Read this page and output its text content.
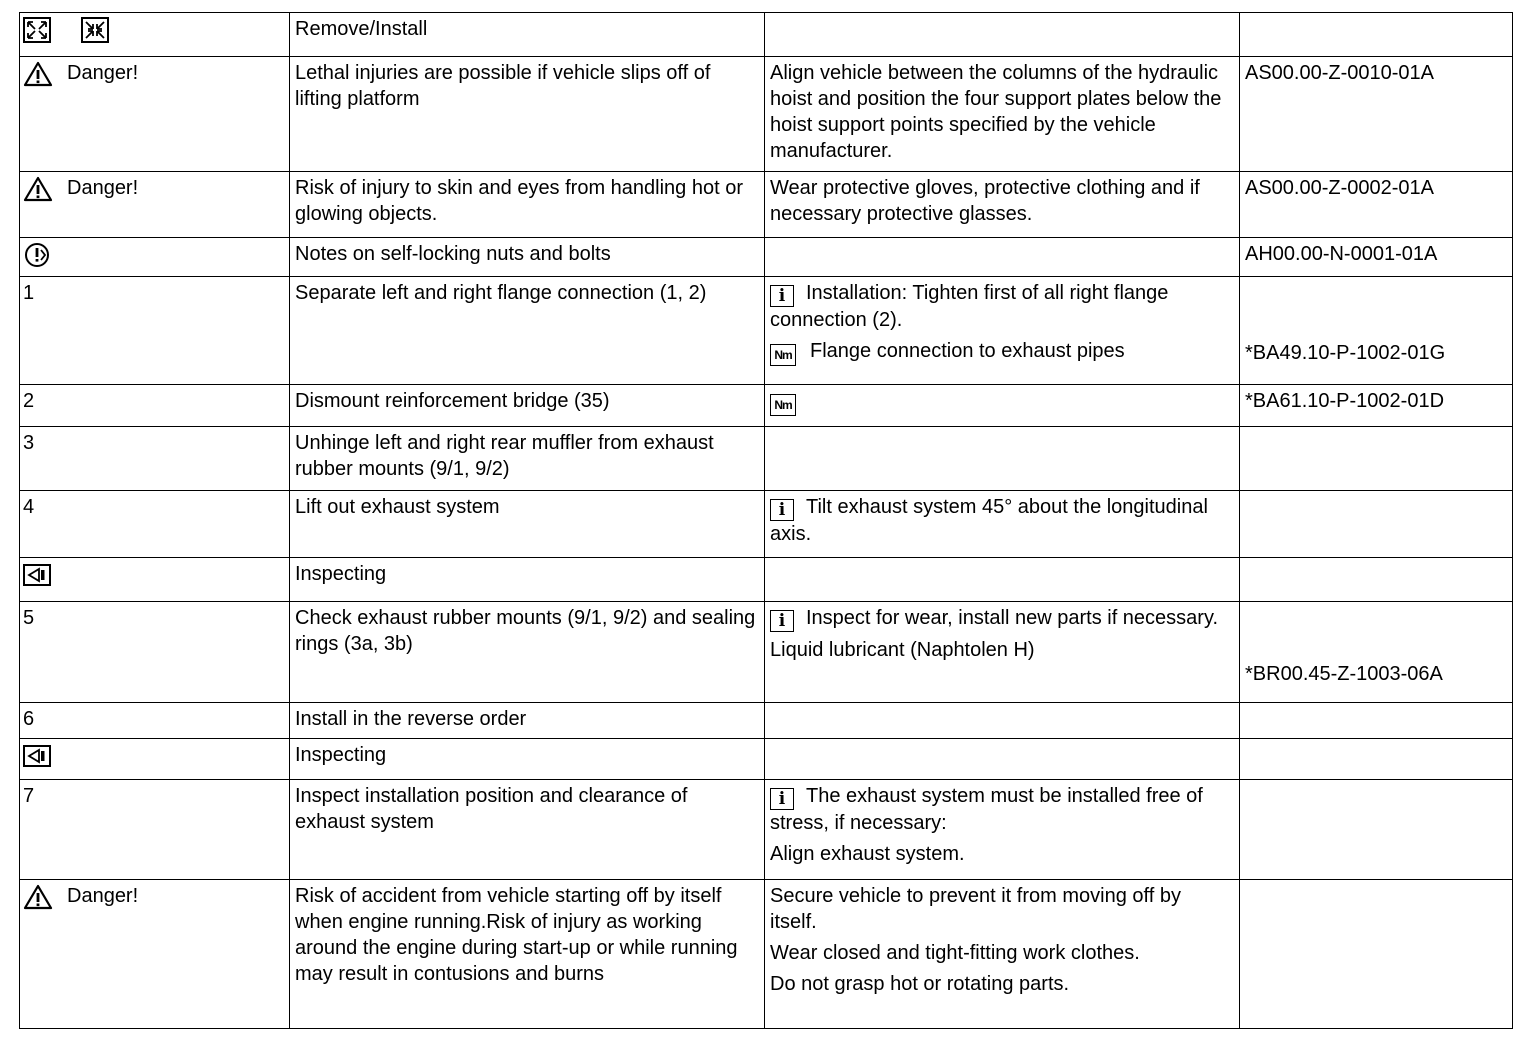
	Remove/Install		

Danger!	Lethal injuries are possible if vehicle slips off of lifting platform	Align vehicle between the columns of the hydraulic hoist and position the four support plates below the hoist support points specified by the vehicle manufacturer.	AS00.00-Z-0010-01A

Danger!	Risk of injury to skin and eyes from handling hot or glowing objects.	Wear protective gloves, protective clothing and if necessary protective glasses.	AS00.00-Z-0002-01A

	Notes on self-locking nuts and bolts		AH00.00-N-0001-01A
1	Separate left and right flange connection (1, 2)	i Installation: Tighten first of all right flange connection (2).
Nm Flange connection to exhaust pipes	*BA49.10-P-1002-01G

2	Dismount reinforcement bridge (35)	Nm	*BA61.10-P-1002-01D
3	Unhinge left and right rear muffler from exhaust rubber mounts (9/1, 9/2)		
4	Lift out exhaust system	i Tilt exhaust system 45° about the longitudinal axis.	

	Inspecting		
5	Check exhaust rubber mounts (9/1, 9/2) and sealing rings (3a, 3b)	i Inspect for wear, install new parts if necessary.
Liquid lubricant (Naphtolen H)	*BR00.45-Z-1003-06A

6	Install in the reverse order		

	Inspecting		
7	Inspect installation position and clearance of exhaust system	i The exhaust system must be installed free of stress, if necessary:
Align exhaust system.	

Danger!	Risk of accident from vehicle starting off by itself when engine running.Risk of injury as working around the engine during start-up or while running may result in contusions and burns	Secure vehicle to prevent it from moving off by itself.
Wear closed and tight-fitting work clothes.
Do not grasp hot or rotating parts.	
